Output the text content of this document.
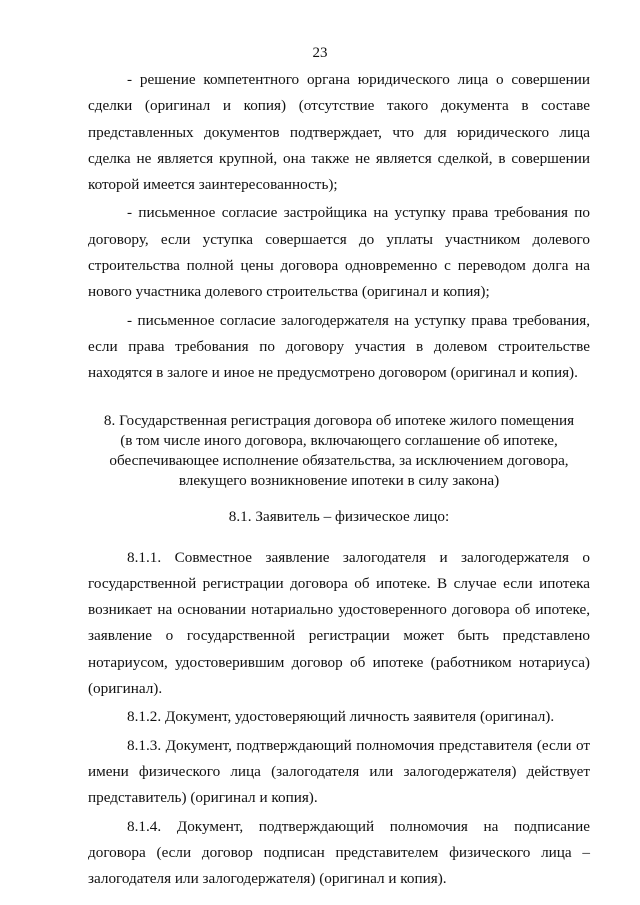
23

- решение компетентного органа юридического лица о совершении сделки (оригинал и копия) (отсутствие такого документа в составе представленных документов подтверждает, что для юридического лица сделка не является крупной, она также не является сделкой, в совершении которой имеется заинтересованность);

- письменное согласие застройщика на уступку права требования по договору, если уступка совершается до уплаты участником долевого строительства полной цены договора одновременно с переводом долга на нового участника долевого строительства (оригинал и копия);

- письменное согласие залогодержателя на уступку права требования, если права требования по договору участия в долевом строительстве находятся в залоге и иное не предусмотрено договором (оригинал и копия).

8. Государственная регистрация договора об ипотеке жилого помещения

(в том числе иного договора, включающего соглашение об ипотеке,

обеспечивающее исполнение обязательства, за исключением договора,

влекущего возникновение ипотеки в силу закона)

8.1. Заявитель – физическое лицо:

8.1.1. Совместное заявление залогодателя и залогодержателя о государственной регистрации договора об ипотеке. В случае если ипотека возникает на основании нотариально удостоверенного договора об ипотеке, заявление о государственной регистрации может быть представлено нотариусом, удостоверившим договор об ипотеке (работником нотариуса) (оригинал).

8.1.2. Документ, удостоверяющий личность заявителя (оригинал).

8.1.3. Документ, подтверждающий полномочия представителя (если от имени физического лица (залогодателя или залогодержателя) действует представитель) (оригинал и копия).

8.1.4. Документ, подтверждающий полномочия на подписание договора (если договор подписан представителем физического лица – залогодателя или залогодержателя) (оригинал и копия).
